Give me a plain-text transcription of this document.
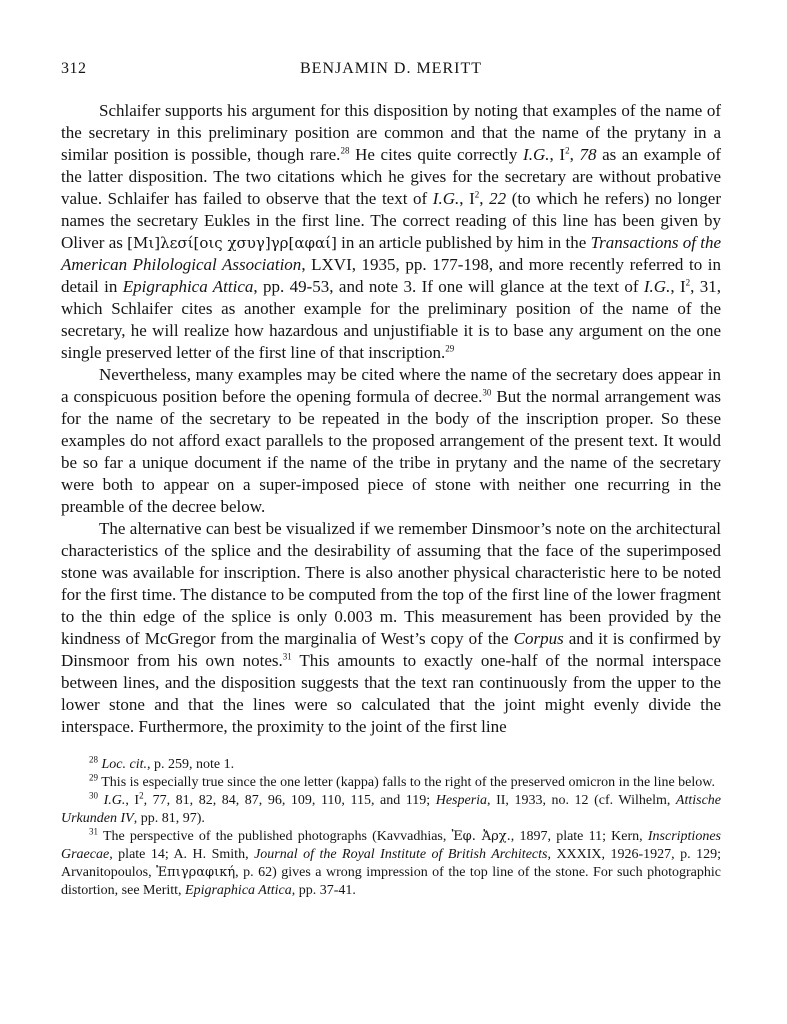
312	BENJAMIN D. MERITT

Schlaifer supports his argument for this disposition by noting that examples of the name of the secretary in this preliminary position are common and that the name of the prytany in a similar position is possible, though rare.$^{28}$ He cites quite correctly I.G., $I^2$, 78 as an example of the latter disposition. The two citations which he gives for the secretary are without probative value. Schlaifer has failed to observe that the text of I.G., $I^2$, 22 (to which he refers) no longer names the secretary Eukles in the first line. The correct reading of this line has been given by Oliver as [Μι]λεσί[οις χσυγ]γρ[αφαί] in an article published by him in the Transactions of the American Philological Association, LXVI, 1935, pp. 177-198, and more recently referred to in detail in Epigraphica Attica, pp. 49-53, and note 3. If one will glance at the text of I.G., $I^2$, 31, which Schlaifer cites as another example for the preliminary position of the name of the secretary, he will realize how hazardous and unjustifiable it is to base any argument on the one single preserved letter of the first line of that inscription.$^{29}$

Nevertheless, many examples may be cited where the name of the secretary does appear in a conspicuous position before the opening formula of decree.$^{30}$ But the normal arrangement was for the name of the secretary to be repeated in the body of the inscription proper. So these examples do not afford exact parallels to the proposed arrangement of the present text. It would be so far a unique document if the name of the tribe in prytany and the name of the secretary were both to appear on a super-imposed piece of stone with neither one recurring in the preamble of the decree below.

The alternative can best be visualized if we remember Dinsmoor’s note on the architectural characteristics of the splice and the desirability of assuming that the face of the superimposed stone was available for inscription. There is also another physical characteristic here to be noted for the first time. The distance to be computed from the top of the first line of the lower fragment to the thin edge of the splice is only 0.003 m. This measurement has been provided by the kindness of McGregor from the marginalia of West’s copy of the Corpus and it is confirmed by Dinsmoor from his own notes.$^{31}$ This amounts to exactly one-half of the normal interspace between lines, and the disposition suggests that the text ran continuously from the upper to the lower stone and that the lines were so calculated that the joint might evenly divide the interspace. Furthermore, the proximity to the joint of the first line

$^{28}$ Loc. cit., p. 259, note 1.

$^{29}$ This is especially true since the one letter (kappa) falls to the right of the preserved omicron in the line below.

$^{30}$ I.G., $I^2$, 77, 81, 82, 84, 87, 96, 109, 110, 115, and 119; Hesperia, II, 1933, no. 12 (cf. Wilhelm, Attische Urkunden IV, pp. 81, 97).

$^{31}$ The perspective of the published photographs (Kavvadhias, Ἐφ. Ἀρχ., 1897, plate 11; Kern, Inscriptiones Graecae, plate 14; A. H. Smith, Journal of the Royal Institute of British Architects, XXXIX, 1926-1927, p. 129; Arvanitopoulos, Ἐπιγραφική, p. 62) gives a wrong impression of the top line of the stone. For such photographic distortion, see Meritt, Epigraphica Attica, pp. 37-41.
